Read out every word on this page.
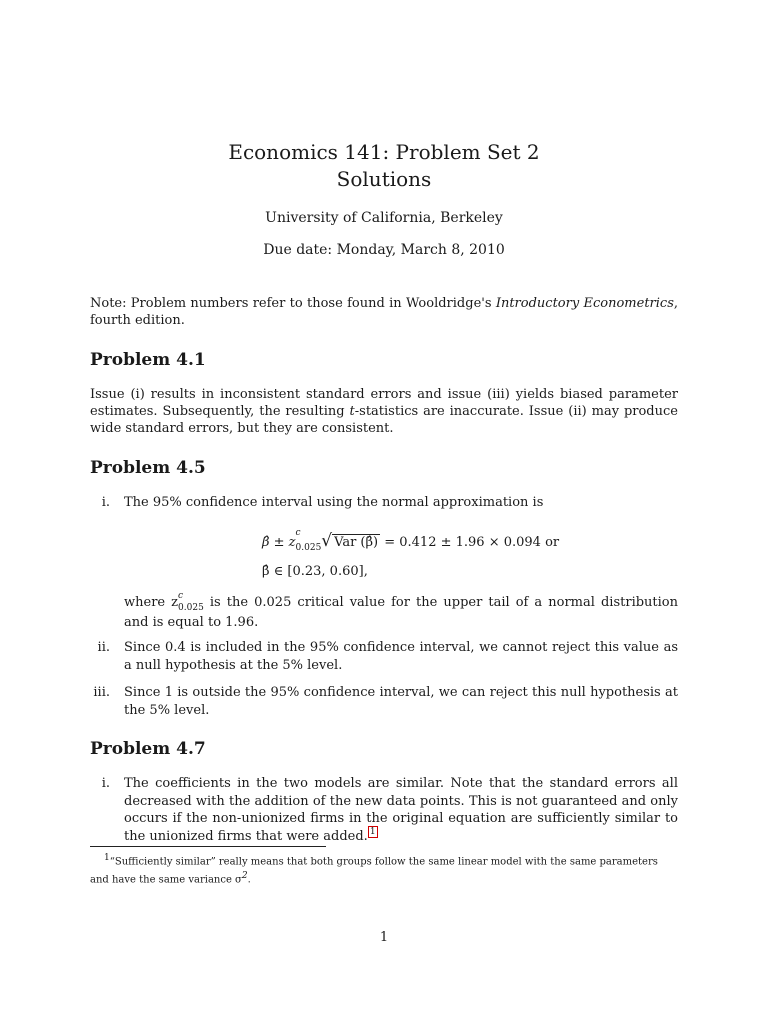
Economics 141: Problem Set 2
Solutions
University of California, Berkeley
Due date: Monday, March 8, 2010
Note: Problem numbers refer to those found in Wooldridge's Introductory Econometrics, fourth edition.
Problem 4.1
Issue (i) results in inconsistent standard errors and issue (iii) yields biased parameter estimates. Subsequently, the resulting t-statistics are inaccurate. Issue (ii) may produce wide standard errors, but they are consistent.
Problem 4.5
i. The 95% confidence interval using the normal approximation is
β̂ ± z
c
$_{0.025}$√ Var (β̂) = 0.412 ± 1.96 × 0.094 or
β̂ ∈ [0.23, 0.60],
where z c
$_{0.025}$ is the 0.025 critical value for the upper tail of a normal distribution and is equal to 1.96.
ii. Since 0.4 is included in the 95% confidence interval, we cannot reject this value as a null hypothesis at the 5% level.
iii. Since 1 is outside the 95% confidence interval, we can reject this null hypothesis at the 5% level.
Problem 4.7
i. The coefficients in the two models are similar. Note that the standard errors all decreased with the addition of the new data points. This is not guaranteed and only occurs if the non-unionized firms in the original equation are sufficiently similar to the unionized firms that were added. $^1$
1“Sufficiently similar” really means that both groups follow the same linear model with the same parameters and have the same variance σ2.
1
